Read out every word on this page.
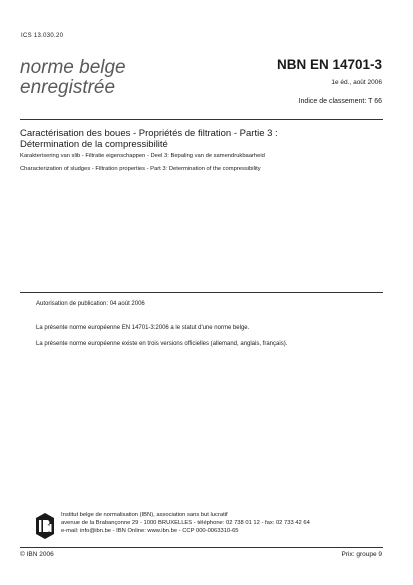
ICS 13.030.20
norme belge
enregistrée
NBN EN 14701-3
1e éd., août 2006
Indice de classement: T 66
Caractérisation des boues - Propriétés de filtration - Partie 3 :
Détermination de la compressibilité
Karakterisering van slib - Filtratie eigenschappen - Deel 3: Bepaling van de samendrukbaarheid
Characterization of sludges - Filtration properties - Part 3: Determination of the compressibility
Autorisation de publication: 04 août 2006
La présente norme européenne EN 14701-3:2006 a le statut d'une norme belge.
La présente norme européenne existe en trois versions officielles (allemand, anglais, français).
Institut belge de normalisation (IBN), association sans but lucratif
avenue de la Brabançonne 29 - 1000 BRUXELLES - téléphone: 02 738 01 12 - fax: 02 733 42 64
e-mail: info@ibn.be - IBN Online: www.ibn.be - CCP 000-0063310-65
© IBN 2006	Prix: groupe 9
